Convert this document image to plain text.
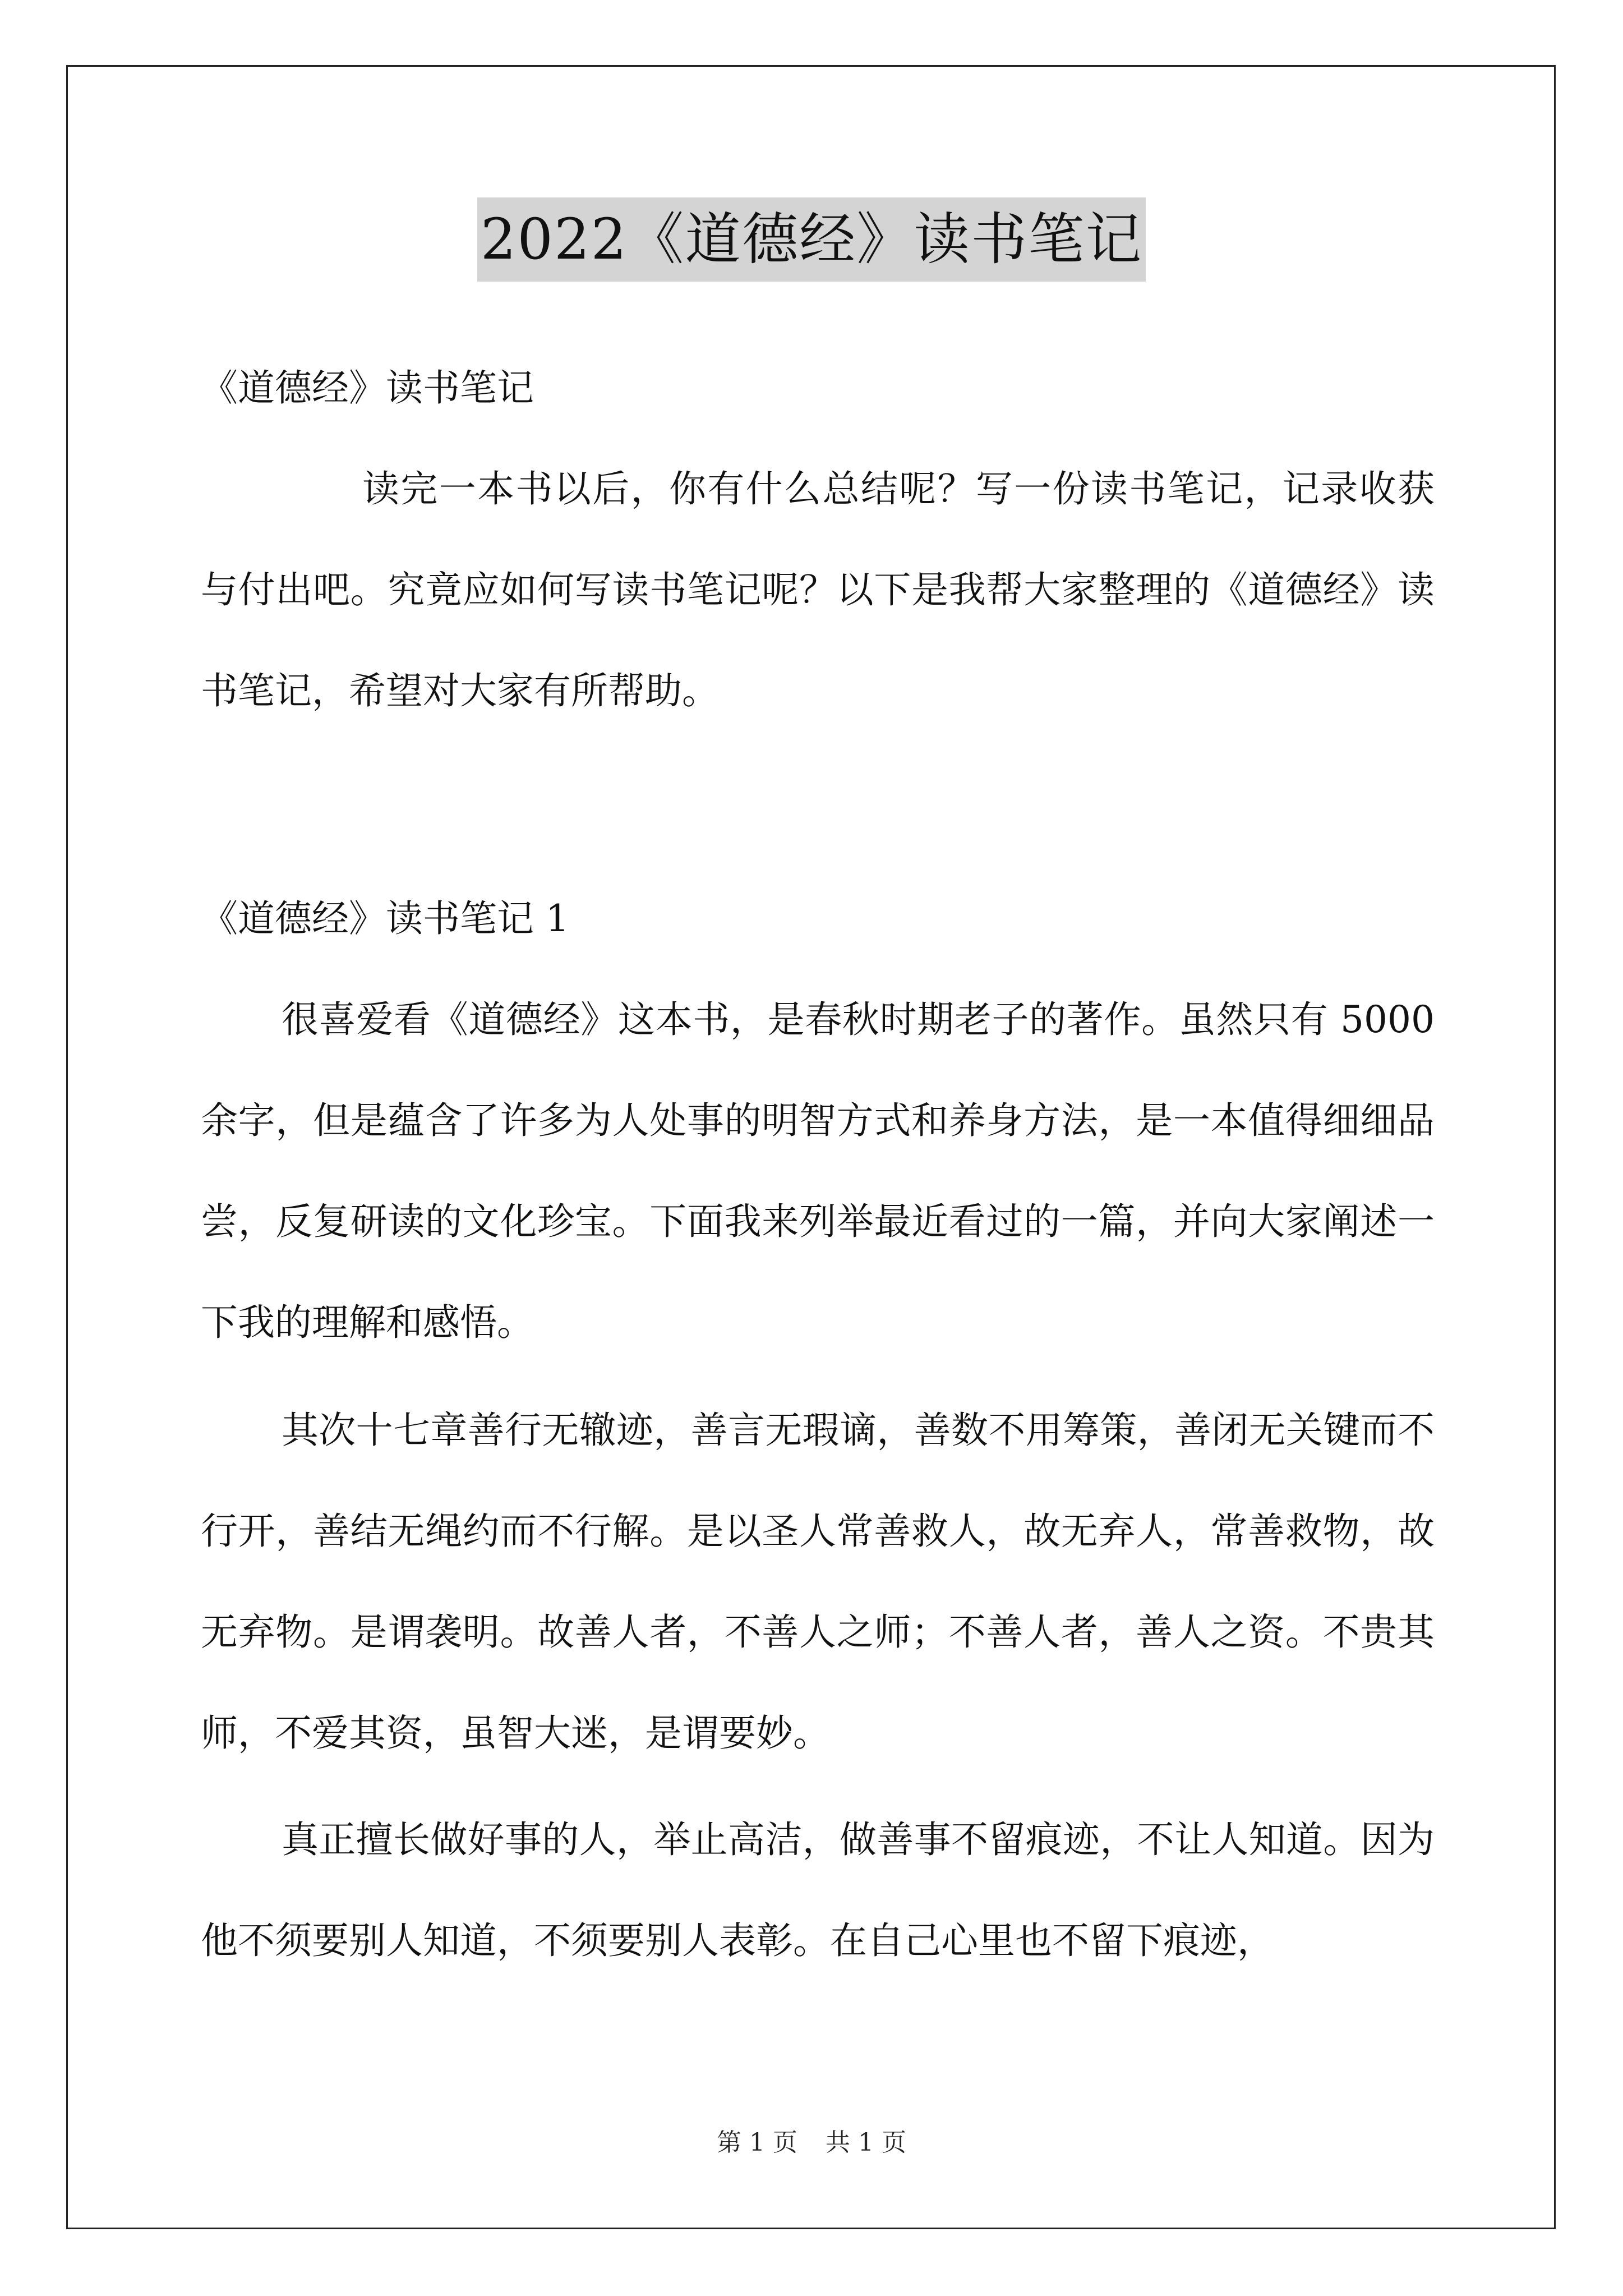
2022《道德经》读书笔记

《道德经》读书笔记

读完一本书以后，你有什么总结呢？写一份读书笔记，记录收获与付出吧。究竟应如何写读书笔记呢？以下是我帮大家整理的《道德经》读书笔记，希望对大家有所帮助。

《道德经》读书笔记 1

很喜爱看《道德经》这本书，是春秋时期老子的著作。虽然只有 5000 余字，但是蕴含了许多为人处事的明智方式和养身方法，是一本值得细细品尝，反复研读的文化珍宝。下面我来列举最近看过的一篇，并向大家阐述一下我的理解和感悟。

其次十七章善行无辙迹，善言无瑕谪，善数不用筹策，善闭无关键而不行开，善结无绳约而不行解。是以圣人常善救人，故无弃人，常善救物，故无弃物。是谓袭明。故善人者，不善人之师；不善人者，善人之资。不贵其师，不爱其资，虽智大迷，是谓要妙。

真正擅长做好事的人，举止高洁，做善事不留痕迹，不让人知道。因为他不须要别人知道，不须要别人表彰。在自己心里也不留下痕迹，

第 1 页 共 1 页
